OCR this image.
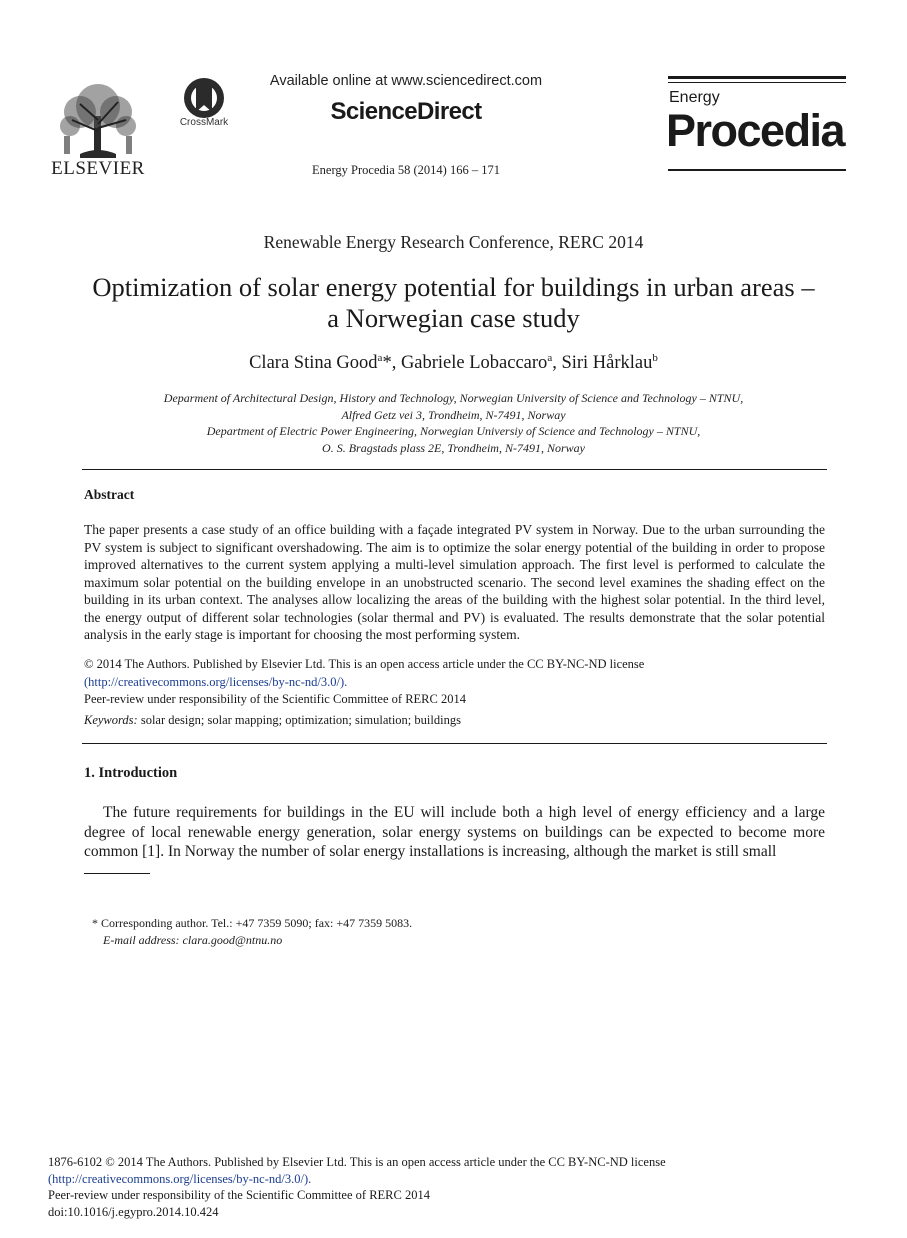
ELSEVIER
CrossMark
Available online at www.sciencedirect.com
ScienceDirect
Energy Procedia 58 (2014) 166 – 171
Energy
Procedia
Renewable Energy Research Conference, RERC 2014
Optimization of solar energy potential for buildings in urban areas –
a Norwegian case study
Clara Stina Good$^a$*, Gabriele Lobaccaro$^a$, Siri Hårklau$^b$
Deparment of Architectural Design, History and Technology, Norwegian University of Science and Technology – NTNU,
Alfred Getz vei 3, Trondheim, N-7491, Norway
Department of Electric Power Engineering, Norwegian Universiy of Science and Technology – NTNU,
O. S. Bragstads plass 2E, Trondheim, N-7491, Norway
Abstract
The paper presents a case study of an office building with a façade integrated PV system in Norway. Due to the urban surrounding the PV system is subject to significant overshadowing. The aim is to optimize the solar energy potential of the building in order to propose improved alternatives to the current system applying a multi-level simulation approach. The first level is performed to calculate the maximum solar potential on the building envelope in an unobstructed scenario. The second level examines the shading effect on the building in its urban context. The analyses allow localizing the areas of the building with the highest solar potential. In the third level, the energy output of different solar technologies (solar thermal and PV) is evaluated. The results demonstrate that the solar potential analysis in the early stage is important for choosing the most performing system.
© 2014 The Authors. Published by Elsevier Ltd. This is an open access article under the CC BY-NC-ND license
(http://creativecommons.org/licenses/by-nc-nd/3.0/).
Peer-review under responsibility of the Scientific Committee of RERC 2014
Keywords: solar design; solar mapping; optimization; simulation; buildings
1. Introduction
The future requirements for buildings in the EU will include both a high level of energy efficiency and a large degree of local renewable energy generation, solar energy systems on buildings can be expected to become more common [1]. In Norway the number of solar energy installations is increasing, although the market is still small
* Corresponding author. Tel.: +47 7359 5090; fax: +47 7359 5083.
E-mail address: clara.good@ntnu.no
1876-6102 © 2014 The Authors. Published by Elsevier Ltd. This is an open access article under the CC BY-NC-ND license
(http://creativecommons.org/licenses/by-nc-nd/3.0/).
Peer-review under responsibility of the Scientific Committee of RERC 2014
doi:10.1016/j.egypro.2014.10.424
